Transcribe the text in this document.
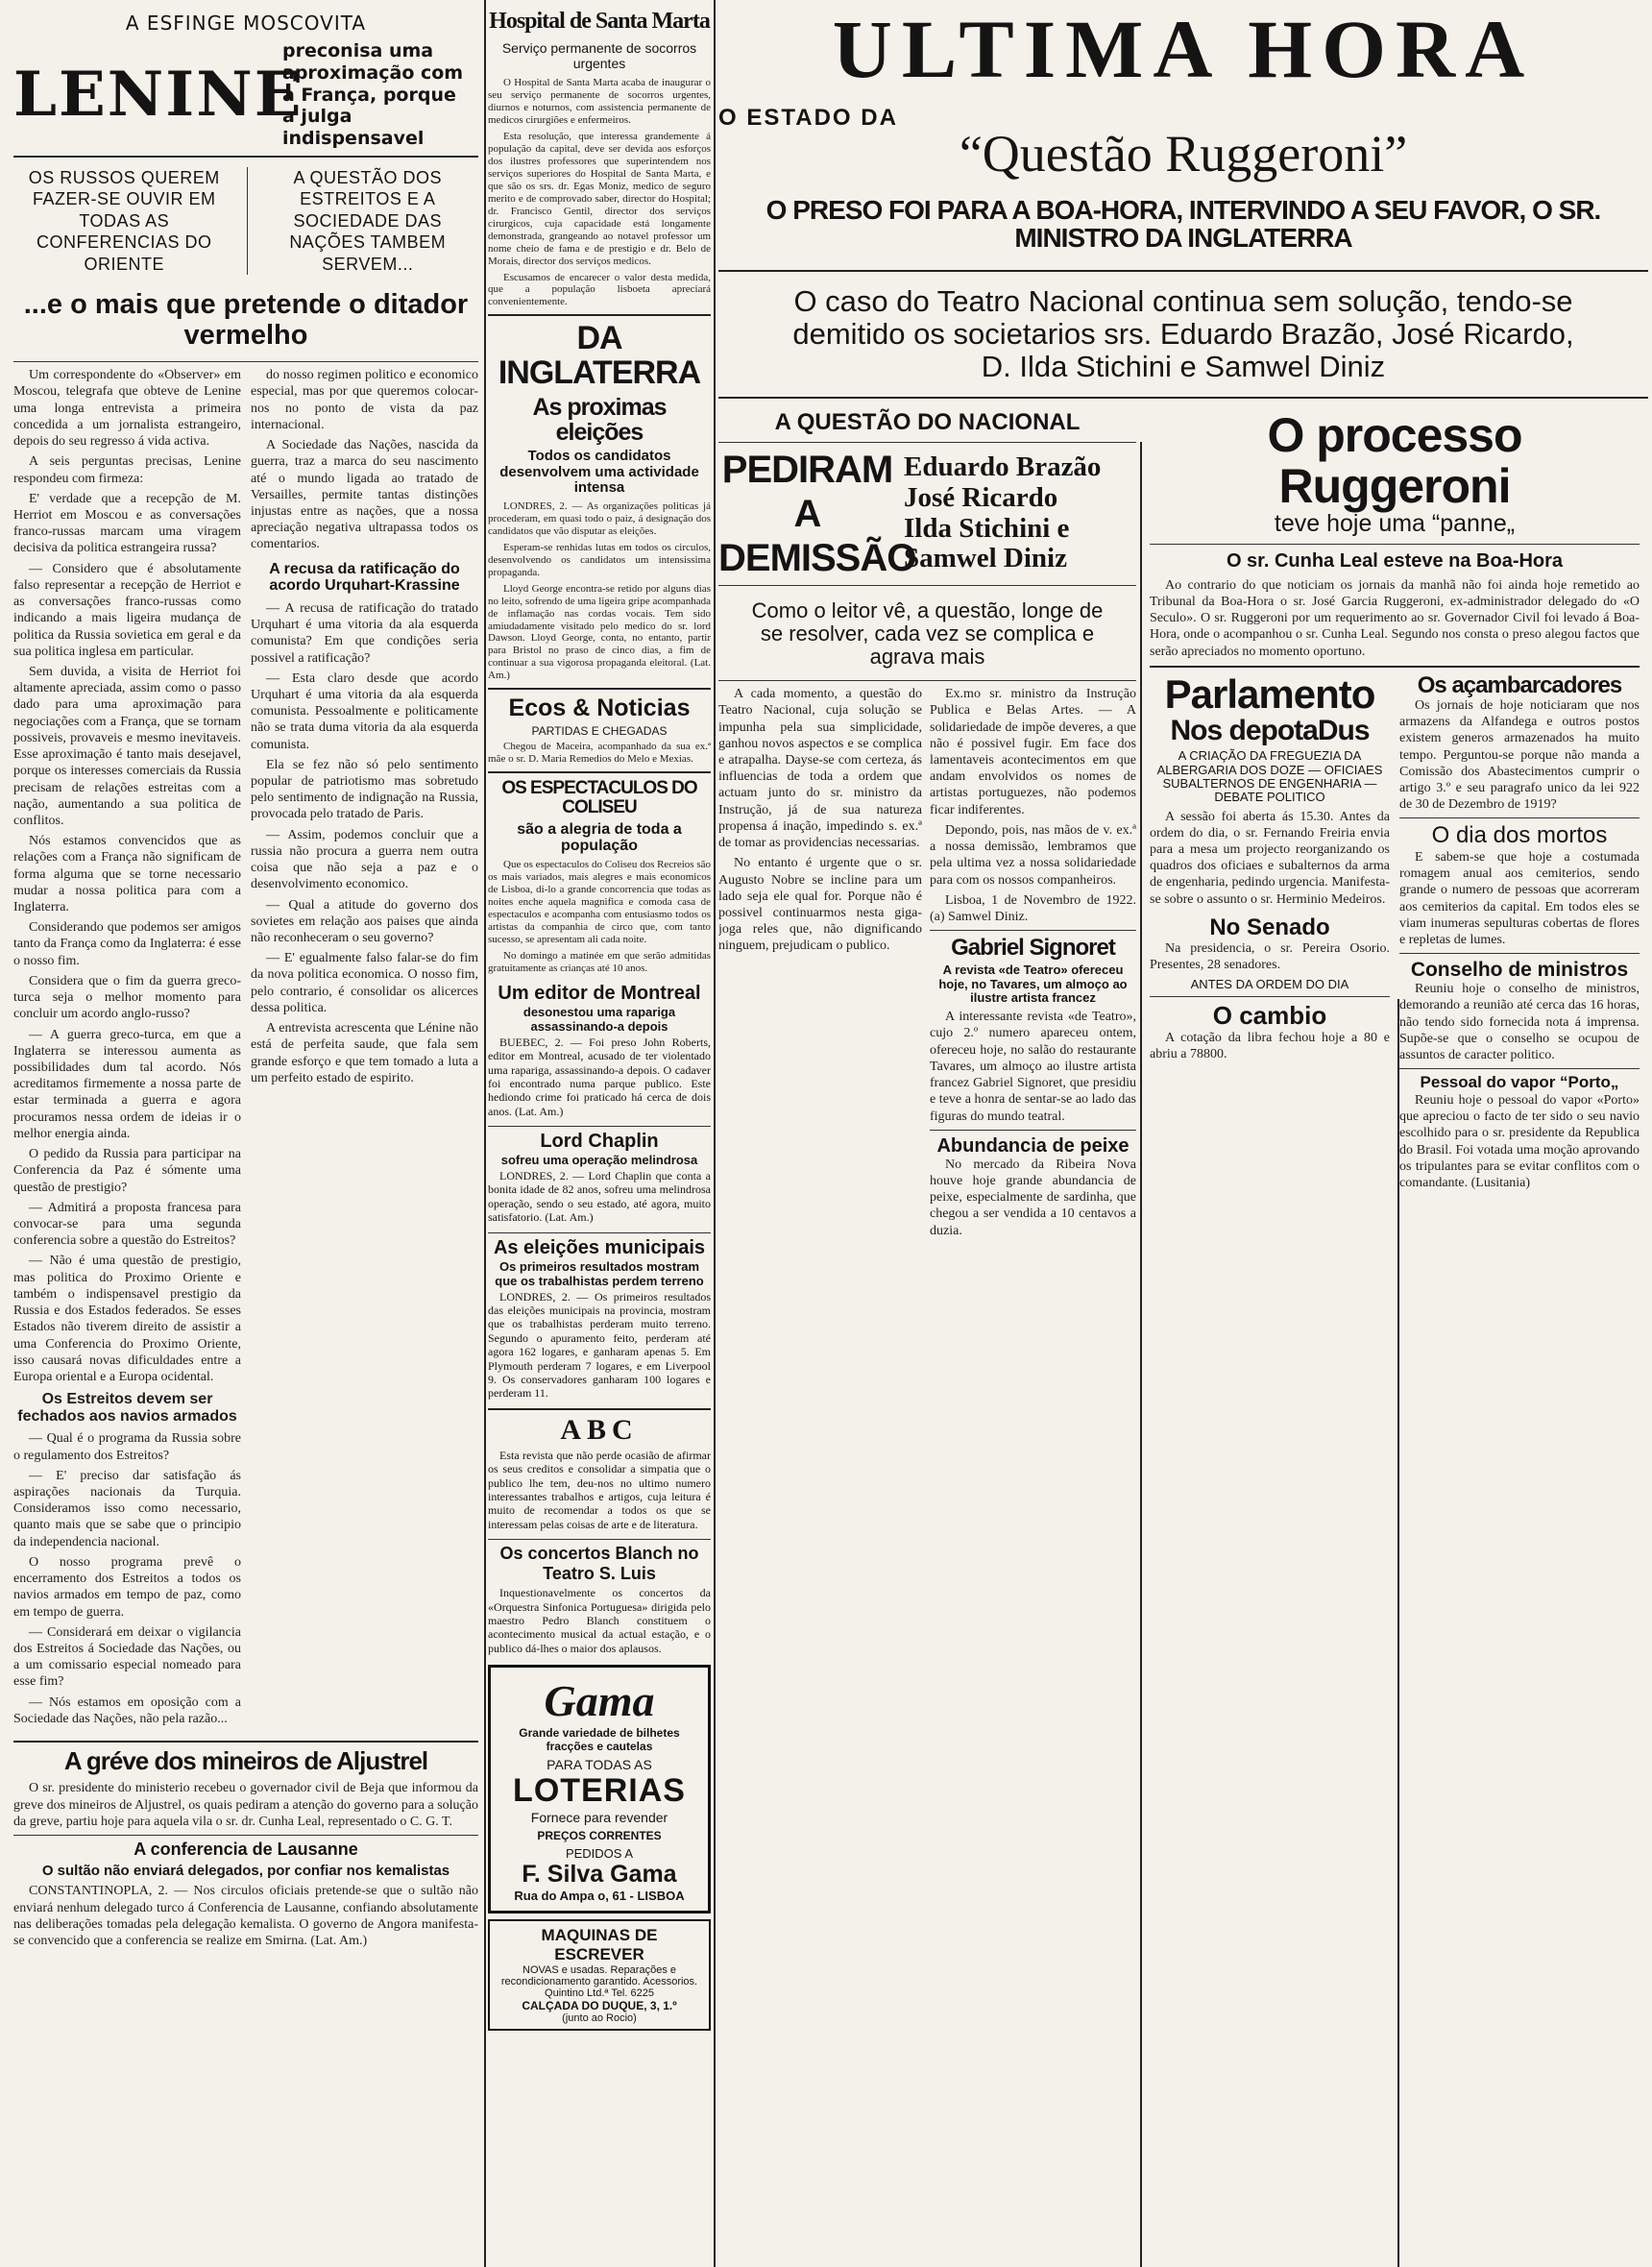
A ESFINGE MOSCOVITA
LENINE
preconisa uma aproximação com a França, porque a julga indispensavel
OS RUSSOS QUEREM FAZER-SE OUVIR EM TODAS AS CONFERENCIAS DO ORIENTE
A QUESTÃO DOS ESTREITOS E A SOCIEDADE DAS NAÇÕES TAMBEM SERVEM...
...e o mais que pretende o ditador vermelho

Um correspondente do «Observer» em Moscou, telegrafa que obteve de Lenine uma longa entrevista a primeira concedida a um jornalista estrangeiro, depois do seu regresso á vida activa.

A seis perguntas precisas, Lenine respondeu com firmeza:

E' verdade que a recepção de M. Herriot em Moscou e as conversações franco-russas marcam uma viragem decisiva da politica estrangeira russa?

— Considero que é absolutamente falso representar a recepção de Herriot e as conversações franco-russas como indicando a mais ligeira mudança de politica da Russia sovietica em geral e da sua politica inglesa em particular.

Sem duvida, a visita de Herriot foi altamente apreciada, assim como o passo dado para uma aproximação para negociações com a França, que se tornam possiveis, provaveis e mesmo inevitaveis. Esse aproximação é tanto mais desejavel, porque os interesses comerciais da Russia precisam de relações estreitas com a nação, aumentando a sua politica de conflitos.

Nós estamos convencidos que as relações com a França não significam de forma alguma que se torne necessario mudar a nossa politica para com a Inglaterra.

Considerando que podemos ser amigos tanto da França como da Inglaterra: é esse o nosso fim.

Considera que o fim da guerra greco-turca seja o melhor momento para concluir um acordo anglo-russo?

— A guerra greco-turca, em que a Inglaterra se interessou aumenta as possibilidades dum tal acordo. Nós acreditamos firmemente a nossa parte de estar terminada a guerra e agora procuramos nessa ordem de ideias ir o melhor energia ainda.

O pedido da Russia para participar na Conferencia da Paz é sómente uma questão de prestigio?

— Admitirá a proposta francesa para convocar-se para uma segunda conferencia sobre a questão do Estreitos?

— Não é uma questão de prestigio, mas politica do Proximo Oriente e também o indispensavel prestigio da Russia e dos Estados federados. Se esses Estados não tiverem direito de assistir a uma Conferencia do Proximo Oriente, isso causará novas dificuldades entre a Europa oriental e a Europa ocidental.

Os Estreitos devem ser fechados aos navios armados

— Qual é o programa da Russia sobre o regulamento dos Estreitos?

— E' preciso dar satisfação ás aspirações nacionais da Turquia. Consideramos isso como necessario, quanto mais que se sabe que o principio da independencia nacional.

O nosso programa prevê o encerramento dos Estreitos a todos os navios armados em tempo de paz, como em tempo de guerra.

— Considerará em deixar o vigilancia dos Estreitos á Sociedade das Nações, ou a um comissario especial nomeado para esse fim?

— Nós estamos em oposição com a Sociedade das Nações, não pela razão...

do nosso regimen politico e economico especial, mas por que queremos colocar-nos no ponto de vista da paz internacional.

A Sociedade das Nações, nascida da guerra, traz a marca do seu nascimento até o mundo ligada ao tratado de Versailles, permite tantas distinções injustas entre as nações, que a nossa apreciação negativa ultrapassa todos os comentarios.

A recusa da ratificação do acordo Urquhart-Krassine

— A recusa de ratificação do tratado Urquhart é uma vitoria da ala esquerda comunista? Em que condições seria possivel a ratificação?

— Esta claro desde que acordo Urquhart é uma vitoria da ala esquerda comunista. Pessoalmente e politicamente não se trata duma vitoria da ala esquerda comunista.

Ela se fez não só pelo sentimento popular de patriotismo mas sobretudo pelo sentimento de indignação na Russia, provocada pelo tratado de Paris.

— Assim, podemos concluir que a russia não procura a guerra nem outra coisa que não seja a paz e o desenvolvimento economico.

— Qual a atitude do governo dos sovietes em relação aos paises que ainda não reconheceram o seu governo?

— E' egualmente falso falar-se do fim da nova politica economica. O nosso fim, pelo contrario, é consolidar os alicerces dessa politica.

A entrevista acrescenta que Lénine não está de perfeita saude, que fala sem grande esforço e que tem tomado a luta a um perfeito estado de espirito.

A gréve dos mineiros de Aljustrel

O sr. presidente do ministerio recebeu o governador civil de Beja que informou da greve dos mineiros de Aljustrel, os quais pediram a atenção do governo para a solução da greve, partiu hoje para aquela vila o sr. dr. Cunha Leal, representado o C. G. T.

A conferencia de Lausanne
O sultão não enviará delegados, por confiar nos kemalistas

CONSTANTINOPLA, 2. — Nos circulos oficiais pretende-se que o sultão não enviará nenhum delegado turco á Conferencia de Lausanne, confiando absolutamente nas deliberações tomadas pela delegação kemalista. O governo de Angora manifesta-se convencido que a conferencia se realize em Smirna. (Lat. Am.)

Hospital de Santa Marta
Serviço permanente de socorros urgentes

O Hospital de Santa Marta acaba de inaugurar o seu serviço permanente de socorros urgentes, diurnos e noturnos, com assistencia permanente de medicos cirurgiões e enfermeiros.

Esta resolução, que interessa grandemente á população da capital, deve ser devida aos esforços dos ilustres professores que superintendem nos serviços superiores do Hospital de Santa Marta, e que são os srs. dr. Egas Moniz, medico de seguro merito e de comprovado saber, director do Hospital; dr. Francisco Gentil, director dos serviços cirurgicos, cuja capacidade está longamente demonstrada, grangeando ao notavel professor um nome cheio de fama e de prestigio e dr. Belo de Morais, director dos serviços medicos.

Escusamos de encarecer o valor desta medida, que a população lisboeta apreciará convenientemente.

DA INGLATERRA
As proximas eleições
Todos os candidatos desenvolvem uma actividade intensa

LONDRES, 2. — As organizações politicas já procederam, em quasi todo o paiz, á designação dos candidatos que vão disputar as eleições.

Esperam-se renhidas lutas em todos os circulos, desenvolvendo os candidatos um intensissima propaganda.

Lloyd George encontra-se retido por alguns dias no leito, sofrendo de uma ligeira gripe acompanhada de inflamação nas cordas vocais. Tem sido amiudadamente visitado pelo medico do sr. lord Dawson. Lloyd George, conta, no entanto, partir para Bristol no praso de cinco dias, a fim de continuar a sua vigorosa propaganda eleitoral. (Lat. Am.)

Ecos & Noticias
PARTIDAS E CHEGADAS

Chegou de Maceira, acompanhado da sua ex.ª mãe o sr. D. Maria Remedios do Melo e Mexias.

OS ESPECTACULOS DO COLISEU
são a alegria de toda a população

Que os espectaculos do Coliseu dos Recreios são os mais variados, mais alegres e mais economicos de Lisboa, di-lo a grande concorrencia que todas as noites enche aquela magnifica e comoda casa de espectaculos e acompanha com entusiasmo todos os artistas da companhia de circo que, com tanto sucesso, se apresentam ali cada noite.

No domingo a matinée em que serão admitidas gratuitamente as crianças até 10 anos.

Um editor de Montreal
desonestou uma rapariga assassinando-a depois

BUEBEC, 2. — Foi preso John Roberts, editor em Montreal, acusado de ter violentado uma rapariga, assassinando-a depois. O cadaver foi encontrado numa parque publico. Este hediondo crime foi praticado há cerca de dois anos. (Lat. Am.)

Lord Chaplin
sofreu uma operação melindrosa

LONDRES, 2. — Lord Chaplin que conta a bonita idade de 82 anos, sofreu uma melindrosa operação, sendo o seu estado, até agora, muito satisfatorio. (Lat. Am.)

As eleições municipais
Os primeiros resultados mostram que os trabalhistas perdem terreno

LONDRES, 2. — Os primeiros resultados das eleições municipais na provincia, mostram que os trabalhistas perderam muito terreno. Segundo o apuramento feito, perderam até agora 162 logares, e ganharam apenas 5. Em Plymouth perderam 7 logares, e em Liverpool 9. Os conservadores ganharam 100 logares e perderam 11.

ABC

Esta revista que não perde ocasião de afirmar os seus creditos e consolidar a simpatia que o publico lhe tem, deu-nos no ultimo numero interessantes trabalhos e artigos, cuja leitura é muito de recomendar a todos os que se interessam pelas coisas de arte e de literatura.

Os concertos Blanch no Teatro S. Luis

Inquestionavelmente os concertos da «Orquestra Sinfonica Portuguesa» dirigida pelo maestro Pedro Blanch constituem o acontecimento musical da actual estação, e o publico dá-lhes o maior dos aplausos.

Gama
Grande variedade de bilhetes fracções e cautelas
PARA TODAS AS
LOTERIAS
Fornece para revender
PREÇOS CORRENTES
PEDIDOS A
F. Silva Gama
Rua do Ampa o, 61 - LISBOA
MAQUINAS DE ESCREVER
NOVAS e usadas. Reparações e recondicionamento garantido. Acessorios. Quintino Ltd.ª Tel. 6225
CALÇADA DO DUQUE, 3, 1.º
(junto ao Rocio)
ULTIMA HORA
O ESTADO DA
“Questão Ruggeroni”
O PRESO FOI PARA A BOA-HORA, INTERVINDO A SEU FAVOR, O SR. MINISTRO DA INGLATERRA
O caso do Teatro Nacional continua sem solução, tendo-se demitido os societarios srs. Eduardo Brazão, José Ricardo, D. Ilda Stichini e Samwel Diniz
A QUESTÃO DO NACIONAL
PEDIRAM A DEMISSÃO
Eduardo Brazão
José Ricardo
Ilda Stichini e
Samwel Diniz
Como o leitor vê, a questão, longe de se resolver, cada vez se complica e agrava mais

A cada momento, a questão do Teatro Nacional, cuja solução se impunha pela sua simplicidade, ganhou novos aspectos e se complica e atrapalha. Dayse-se com certeza, ás influencias de toda a ordem que actuam junto do sr. ministro da Instrução, já de sua natureza propensa á inação, impedindo s. ex.ª de tomar as providencias necessarias.

No entanto é urgente que o sr. Augusto Nobre se incline para um lado seja ele qual for. Porque não é possivel continuarmos nesta giga-joga reles que, não dignificando ninguem, prejudicam o publico.

Ex.mo sr. ministro da Instrução Publica e Belas Artes. — A solidariedade de impõe deveres, a que não é possivel fugir. Em face dos lamentaveis acontecimentos em que andam envolvidos os nomes de artistas portuguezes, não podemos ficar indiferentes.

Depondo, pois, nas mãos de v. ex.ª a nossa demissão, lembramos que pela ultima vez a nossa solidariedade para com os nossos companheiros.

Lisboa, 1 de Novembro de 1922. (a) Samwel Diniz.

Gabriel Signoret
A revista «de Teatro» ofereceu hoje, no Tavares, um almoço ao ilustre artista francez

A interessante revista «de Teatro», cujo 2.º numero apareceu ontem, ofereceu hoje, no salão do restaurante Tavares, um almoço ao ilustre artista francez Gabriel Signoret, que presidiu e teve a honra de sentar-se ao lado das figuras do mundo teatral.

Abundancia de peixe

No mercado da Ribeira Nova houve hoje grande abundancia de peixe, especialmente de sardinha, que chegou a ser vendida a 10 centavos a duzia.

O processo Ruggeroni
teve hoje uma “panne„
O sr. Cunha Leal esteve na Boa-Hora

Ao contrario do que noticiam os jornais da manhã não foi ainda hoje remetido ao Tribunal da Boa-Hora o sr. José Garcia Ruggeroni, ex-administrador delegado do «O Seculo». O sr. Ruggeroni por um requerimento ao sr. Governador Civil foi levado á Boa-Hora, onde o acompanhou o sr. Cunha Leal. Segundo nos consta o preso alegou factos que serão apreciados no momento oportuno.

Parlamento
Nos depotaDus
A CRIAÇÃO DA FREGUEZIA DA ALBERGARIA DOS DOZE — OFICIAES SUBALTERNOS DE ENGENHARIA — DEBATE POLITICO

A sessão foi aberta ás 15.30. Antes da ordem do dia, o sr. Fernando Freiria envia para a mesa um projecto reorganizando os quadros dos oficiaes e subalternos da arma de engenharia, pedindo urgencia. Manifesta-se sobre o assunto o sr. Herminio Medeiros.

No Senado

Na presidencia, o sr. Pereira Osorio. Presentes, 28 senadores.

ANTES DA ORDEM DO DIA
O cambio

A cotação da libra fechou hoje a 80 e abriu a 78800.

Os açambarcadores

Os jornais de hoje noticiaram que nos armazens da Alfandega e outros postos existem generos armazenados ha muito tempo. Perguntou-se porque não manda a Comissão dos Abastecimentos cumprir o artigo 3.º e seu paragrafo unico da lei 922 de 30 de Dezembro de 1919?

O dia dos mortos

E sabem-se que hoje a costumada romagem anual aos cemiterios, sendo grande o numero de pessoas que acorreram aos cemiterios da capital. Em todos eles se viam inumeras sepulturas cobertas de flores e repletas de lumes.

Conselho de ministros

Reuniu hoje o conselho de ministros, demorando a reunião até cerca das 16 horas, não tendo sido fornecida nota á imprensa. Supõe-se que o conselho se ocupou de assuntos de caracter politico.

Pessoal do vapor “Porto„

Reuniu hoje o pessoal do vapor «Porto» que apreciou o facto de ter sido o seu navio escolhido para o sr. presidente da Republica do Brasil. Foi votada uma moção aprovando os tripulantes para se evitar conflitos com o comandante. (Lusitania)
